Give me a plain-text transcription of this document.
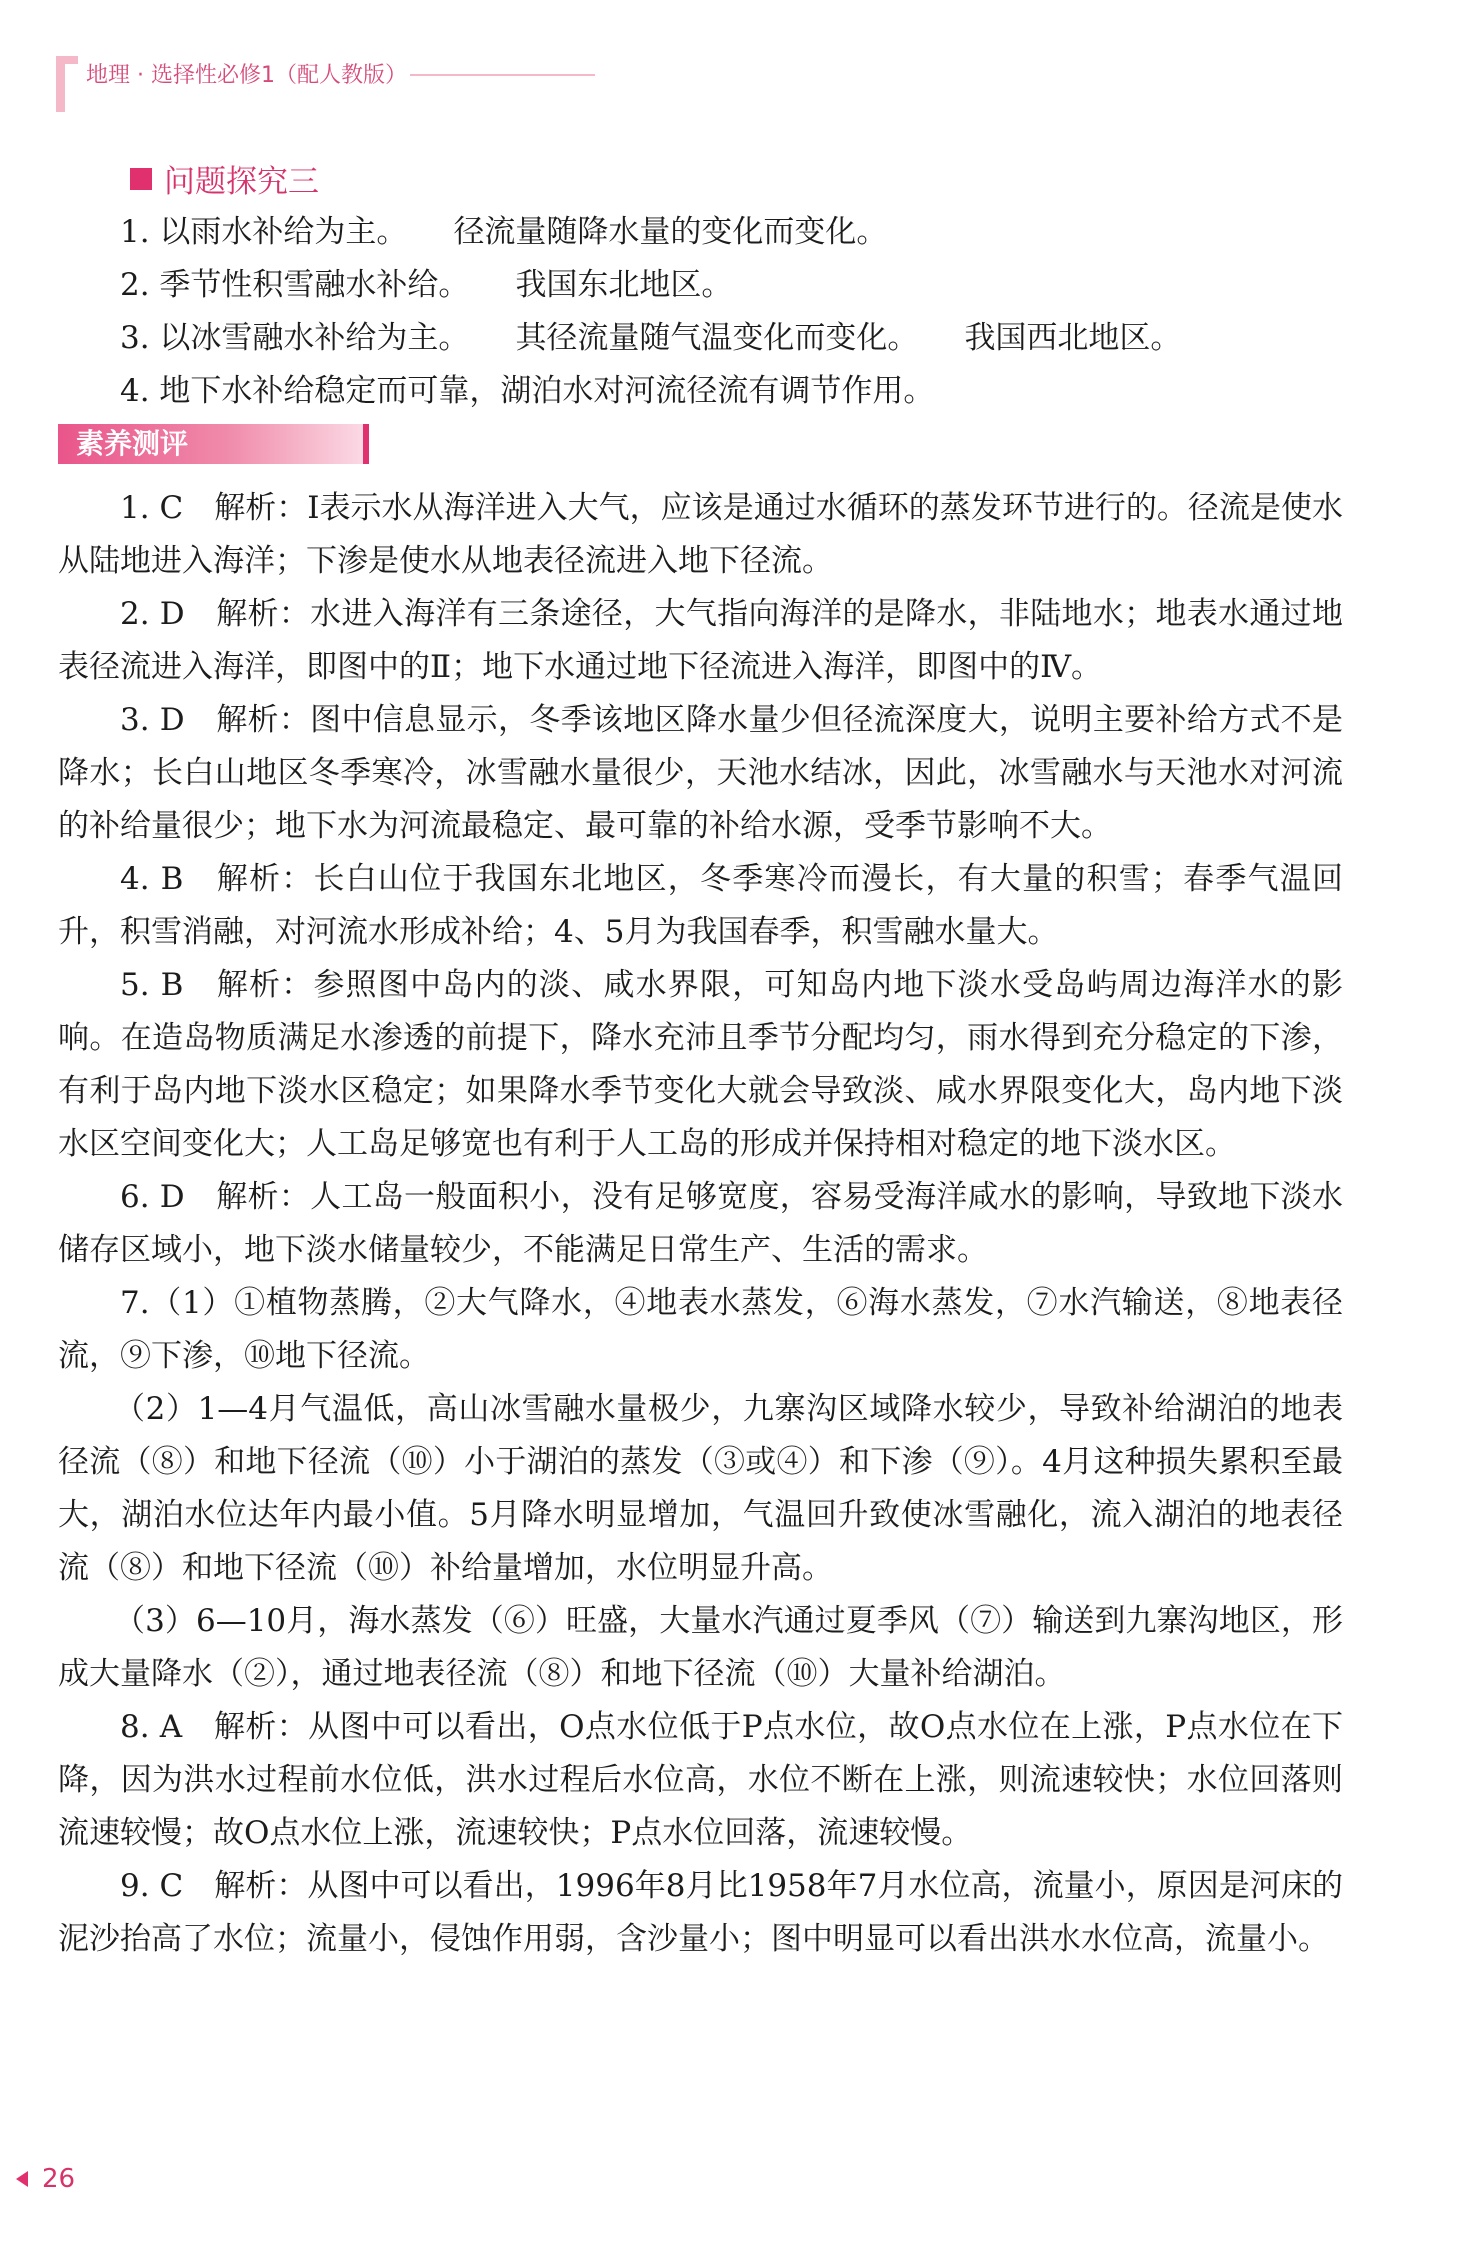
地理 · 选择性必修1（配人教版）
问题探究三

1. 以雨水补给为主。 径流量随降水量的变化而变化。

2. 季节性积雪融水补给。 我国东北地区。

3. 以冰雪融水补给为主。 其径流量随气温变化而变化。 我国西北地区。

4. 地下水补给稳定而可靠，湖泊水对河流径流有调节作用。

素养测评

1. C　解析：Ⅰ表示水从海洋进入大气，应该是通过水循环的蒸发环节进行的。径流是使水从陆地进入海洋；下渗是使水从地表径流进入地下径流。

2. D　解析：水进入海洋有三条途径，大气指向海洋的是降水，非陆地水；地表水通过地表径流进入海洋，即图中的Ⅱ；地下水通过地下径流进入海洋，即图中的Ⅳ。

3. D　解析：图中信息显示，冬季该地区降水量少但径流深度大，说明主要补给方式不是降水；长白山地区冬季寒冷，冰雪融水量很少，天池水结冰，因此，冰雪融水与天池水对河流的补给量很少；地下水为河流最稳定、最可靠的补给水源，受季节影响不大。

4. B　解析：长白山位于我国东北地区，冬季寒冷而漫长，有大量的积雪；春季气温回升，积雪消融，对河流水形成补给；4、5月为我国春季，积雪融水量大。

5. B　解析：参照图中岛内的淡、咸水界限，可知岛内地下淡水受岛屿周边海洋水的影响。在造岛物质满足水渗透的前提下，降水充沛且季节分配均匀，雨水得到充分稳定的下渗，有利于岛内地下淡水区稳定；如果降水季节变化大就会导致淡、咸水界限变化大，岛内地下淡水区空间变化大；人工岛足够宽也有利于人工岛的形成并保持相对稳定的地下淡水区。

6. D　解析：人工岛一般面积小，没有足够宽度，容易受海洋咸水的影响，导致地下淡水储存区域小，地下淡水储量较少，不能满足日常生产、生活的需求。

7.（1）①植物蒸腾，②大气降水，④地表水蒸发，⑥海水蒸发，⑦水汽输送，⑧地表径流，⑨下渗，⑩地下径流。

（2）1—4月气温低，高山冰雪融水量极少，九寨沟区域降水较少，导致补给湖泊的地表径流（⑧）和地下径流（⑩）小于湖泊的蒸发（③或④）和下渗（⑨）。4月这种损失累积至最大，湖泊水位达年内最小值。5月降水明显增加，气温回升致使冰雪融化，流入湖泊的地表径流（⑧）和地下径流（⑩）补给量增加，水位明显升高。

（3）6—10月，海水蒸发（⑥）旺盛，大量水汽通过夏季风（⑦）输送到九寨沟地区，形成大量降水（②），通过地表径流（⑧）和地下径流（⑩）大量补给湖泊。

8. A　解析：从图中可以看出，O点水位低于P点水位，故O点水位在上涨，P点水位在下降，因为洪水过程前水位低，洪水过程后水位高，水位不断在上涨，则流速较快；水位回落则流速较慢；故O点水位上涨，流速较快；P点水位回落，流速较慢。

9. C　解析：从图中可以看出，1996年8月比1958年7月水位高，流量小，原因是河床的泥沙抬高了水位；流量小，侵蚀作用弱，含沙量小；图中明显可以看出洪水水位高，流量小。

26
